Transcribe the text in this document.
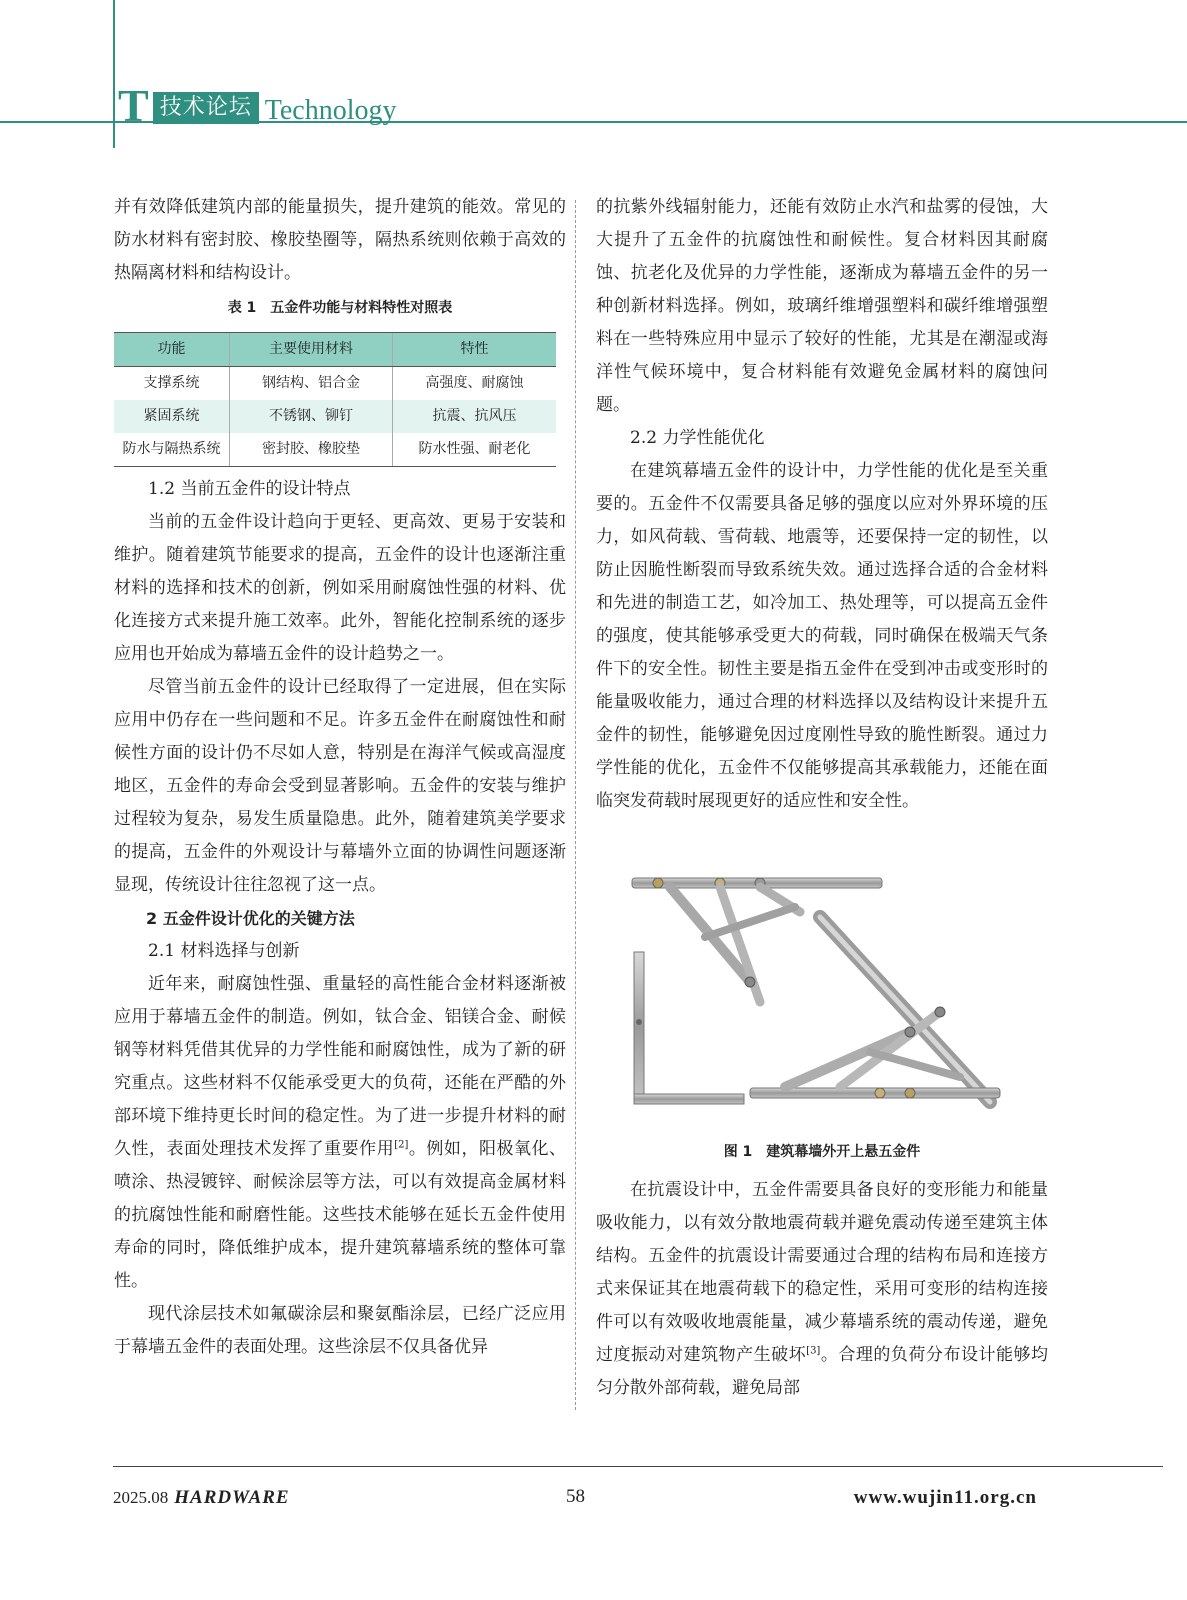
T 技术论坛 Technology

并有效降低建筑内部的能量损失，提升建筑的能效。常见的防水材料有密封胶、橡胶垫圈等，隔热系统则依赖于高效的热隔离材料和结构设计。

表 1　五金件功能与材料特性对照表
功能	主要使用材料	特性
支撑系统	钢结构、铝合金	高强度、耐腐蚀
紧固系统	不锈钢、铆钉	抗震、抗风压
防水与隔热系统	密封胶、橡胶垫	防水性强、耐老化

1.2 当前五金件的设计特点

当前的五金件设计趋向于更轻、更高效、更易于安装和维护。随着建筑节能要求的提高，五金件的设计也逐渐注重材料的选择和技术的创新，例如采用耐腐蚀性强的材料、优化连接方式来提升施工效率。此外，智能化控制系统的逐步应用也开始成为幕墙五金件的设计趋势之一。

尽管当前五金件的设计已经取得了一定进展，但在实际应用中仍存在一些问题和不足。许多五金件在耐腐蚀性和耐候性方面的设计仍不尽如人意，特别是在海洋气候或高湿度地区，五金件的寿命会受到显著影响。五金件的安装与维护过程较为复杂，易发生质量隐患。此外，随着建筑美学要求的提高，五金件的外观设计与幕墙外立面的协调性问题逐渐显现，传统设计往往忽视了这一点。

2 五金件设计优化的关键方法

2.1 材料选择与创新

近年来，耐腐蚀性强、重量轻的高性能合金材料逐渐被应用于幕墙五金件的制造。例如，钛合金、铝镁合金、耐候钢等材料凭借其优异的力学性能和耐腐蚀性，成为了新的研究重点。这些材料不仅能承受更大的负荷，还能在严酷的外部环境下维持更长时间的稳定性。为了进一步提升材料的耐久性，表面处理技术发挥了重要作用[2]。例如，阳极氧化、喷涂、热浸镀锌、耐候涂层等方法，可以有效提高金属材料的抗腐蚀性能和耐磨性能。这些技术能够在延长五金件使用寿命的同时，降低维护成本，提升建筑幕墙系统的整体可靠性。

现代涂层技术如氟碳涂层和聚氨酯涂层，已经广泛应用于幕墙五金件的表面处理。这些涂层不仅具备优异

的抗紫外线辐射能力，还能有效防止水汽和盐雾的侵蚀，大大提升了五金件的抗腐蚀性和耐候性。复合材料因其耐腐蚀、抗老化及优异的力学性能，逐渐成为幕墙五金件的另一种创新材料选择。例如，玻璃纤维增强塑料和碳纤维增强塑料在一些特殊应用中显示了较好的性能，尤其是在潮湿或海洋性气候环境中，复合材料能有效避免金属材料的腐蚀问题。

2.2 力学性能优化

在建筑幕墙五金件的设计中，力学性能的优化是至关重要的。五金件不仅需要具备足够的强度以应对外界环境的压力，如风荷载、雪荷载、地震等，还要保持一定的韧性，以防止因脆性断裂而导致系统失效。通过选择合适的合金材料和先进的制造工艺，如冷加工、热处理等，可以提高五金件的强度，使其能够承受更大的荷载，同时确保在极端天气条件下的安全性。韧性主要是指五金件在受到冲击或变形时的能量吸收能力，通过合理的材料选择以及结构设计来提升五金件的韧性，能够避免因过度刚性导致的脆性断裂。通过力学性能的优化，五金件不仅能够提高其承载能力，还能在面临突发荷载时展现更好的适应性和安全性。

图 1　建筑幕墙外开上悬五金件

在抗震设计中，五金件需要具备良好的变形能力和能量吸收能力，以有效分散地震荷载并避免震动传递至建筑主体结构。五金件的抗震设计需要通过合理的结构布局和连接方式来保证其在地震荷载下的稳定性，采用可变形的结构连接件可以有效吸收地震能量，减少幕墙系统的震动传递，避免过度振动对建筑物产生破坏[3]。合理的负荷分布设计能够均匀分散外部荷载，避免局部

2025.08 HARDWARE	58	www.wujin11.org.cn
